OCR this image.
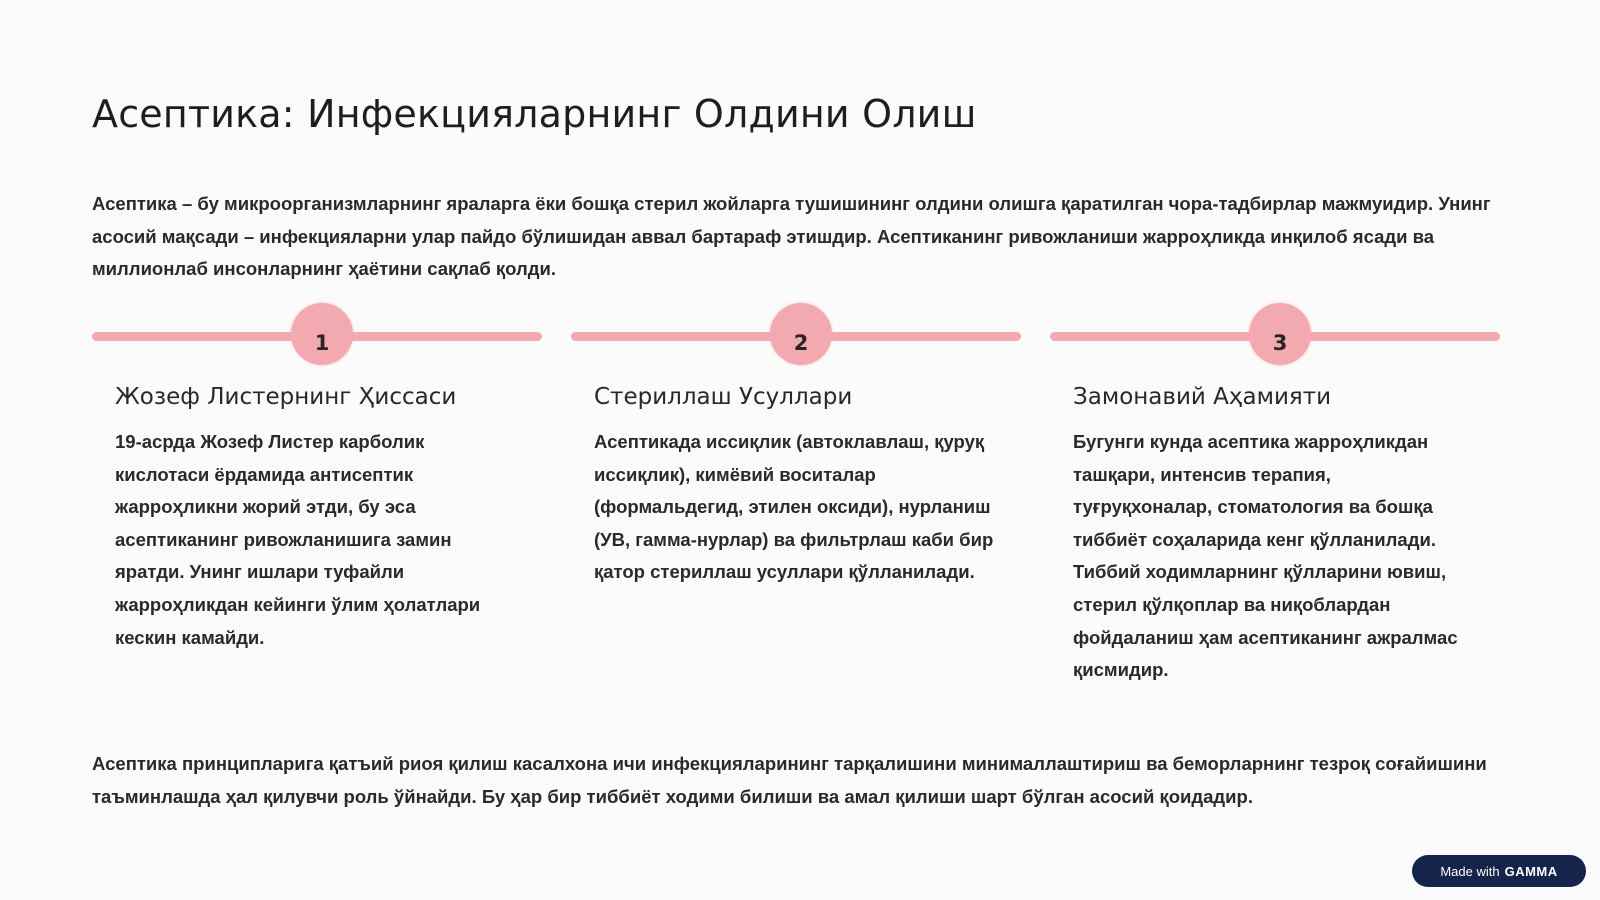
Асептика: Инфекцияларнинг Олдини Олиш

Асептика – бу микроорганизмларнинг яраларга ёки бошқа стерил жойларга тушишининг олдини олишга қаратилган чора-тадбирлар мажмуидир. Унинг асосий мақсади – инфекцияларни улар пайдо бўлишидан аввал бартараф этишдир. Асептиканинг ривожланиши жарроҳликда инқилоб ясади ва миллионлаб инсонларнинг ҳаётини сақлаб қолди.

1	2	3
Жозеф Листернинг Ҳиссаси

19-асрда Жозеф Листер карболик кислотаси ёрдамида антисептик жарроҳликни жорий этди, бу эса асептиканинг ривожланишига замин яратди. Унинг ишлари туфайли жарроҳликдан кейинги ўлим ҳолатлари кескин камайди.

Стериллаш Усуллари

Асептикада иссиқлик (автоклавлаш, қуруқ иссиқлик), кимёвий воситалар (формальдегид, этилен оксиди), нурланиш (УВ, гамма-нурлар) ва фильтрлаш каби бир қатор стериллаш усуллари қўлланилади.

Замонавий Аҳамияти

Бугунги кунда асептика жарроҳликдан ташқари, интенсив терапия, туғруқхоналар, стоматология ва бошқа тиббиёт соҳаларида кенг қўлланилади. Тиббий ходимларнинг қўлларини ювиш, стерил қўлқоплар ва ниқоблардан фойдаланиш ҳам асептиканинг ажралмас қисмидир.

Асептика принципларига қатъий риоя қилиш касалхона ичи инфекцияларининг тарқалишини минималлаштириш ва беморларнинг тезроқ соғайишини таъминлашда ҳал қилувчи роль ўйнайди. Бу ҳар бир тиббиёт ходими билиши ва амал қилиши шарт бўлган асосий қоидадир.

Made with GAMMA
